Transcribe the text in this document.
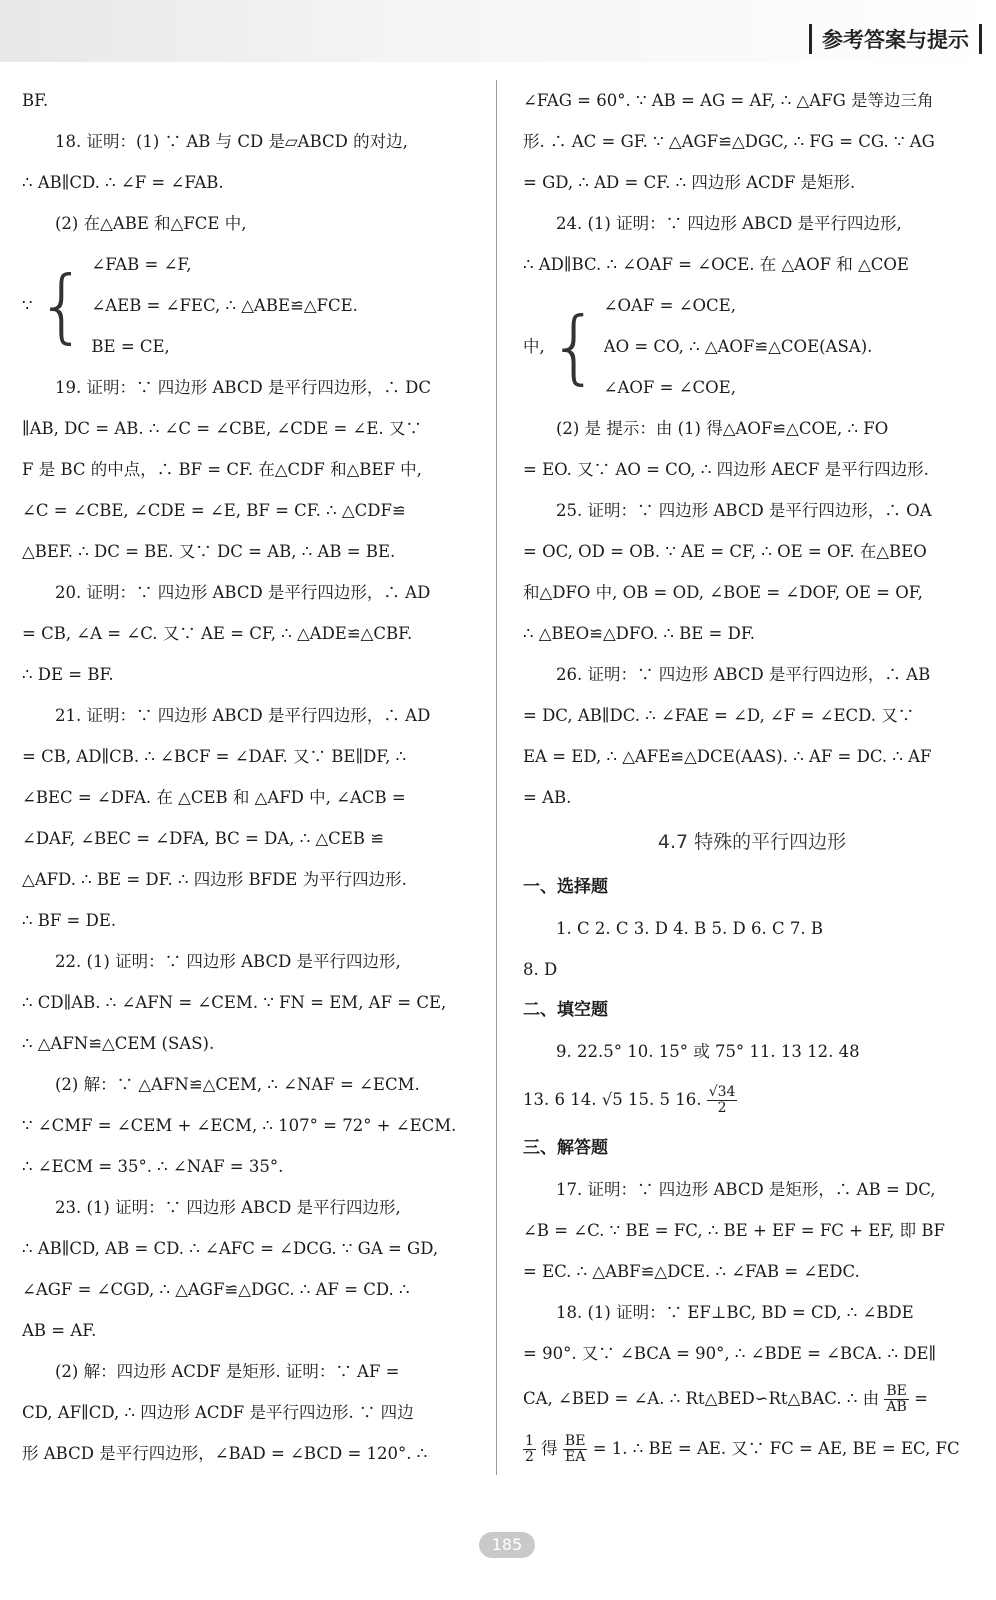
参考答案与提示
BF.
18. 证明：(1) ∵ AB 与 CD 是▱ABCD 的对边,
∴ AB∥CD. ∴ ∠F = ∠FAB.
(2) 在△ABE 和△FCE 中,
∵ { ∠FAB = ∠F,
∠AEB = ∠FEC, ∴ △ABE≌△FCE.
BE = CE,
19. 证明：∵ 四边形 ABCD 是平行四边形，∴ DC
∥AB, DC = AB. ∴ ∠C = ∠CBE, ∠CDE = ∠E. 又∵
F 是 BC 的中点，∴ BF = CF. 在△CDF 和△BEF 中,
∠C = ∠CBE, ∠CDE = ∠E, BF = CF. ∴ △CDF≌
△BEF. ∴ DC = BE. 又∵ DC = AB, ∴ AB = BE.
20. 证明：∵ 四边形 ABCD 是平行四边形，∴ AD
= CB, ∠A = ∠C. 又∵ AE = CF, ∴ △ADE≌△CBF.
∴ DE = BF.
21. 证明：∵ 四边形 ABCD 是平行四边形，∴ AD
= CB, AD∥CB. ∴ ∠BCF = ∠DAF. 又∵ BE∥DF, ∴
∠BEC = ∠DFA. 在 △CEB 和 △AFD 中, ∠ACB =
∠DAF, ∠BEC = ∠DFA, BC = DA, ∴ △CEB ≌
△AFD. ∴ BE = DF. ∴ 四边形 BFDE 为平行四边形.
∴ BF = DE.
22. (1) 证明：∵ 四边形 ABCD 是平行四边形,
∴ CD∥AB. ∴ ∠AFN = ∠CEM. ∵ FN = EM, AF = CE,
∴ △AFN≌△CEM (SAS).
(2) 解：∵ △AFN≌△CEM, ∴ ∠NAF = ∠ECM.
∵ ∠CMF = ∠CEM + ∠ECM, ∴ 107° = 72° + ∠ECM.
∴ ∠ECM = 35°. ∴ ∠NAF = 35°.
23. (1) 证明：∵ 四边形 ABCD 是平行四边形,
∴ AB∥CD, AB = CD. ∴ ∠AFC = ∠DCG. ∵ GA = GD,
∠AGF = ∠CGD, ∴ △AGF≌△DGC. ∴ AF = CD. ∴
AB = AF.
(2) 解：四边形 ACDF 是矩形. 证明：∵ AF =
CD, AF∥CD, ∴ 四边形 ACDF 是平行四边形. ∵ 四边
形 ABCD 是平行四边形，∠BAD = ∠BCD = 120°. ∴
∠FAG = 60°. ∵ AB = AG = AF, ∴ △AFG 是等边三角
形. ∴ AC = GF. ∵ △AGF≌△DGC, ∴ FG = CG. ∵ AG
= GD, ∴ AD = CF. ∴ 四边形 ACDF 是矩形.
24. (1) 证明：∵ 四边形 ABCD 是平行四边形,
∴ AD∥BC. ∴ ∠OAF = ∠OCE. 在 △AOF 和 △COE
中, { ∠OAF = ∠OCE,
AO = CO, ∴ △AOF≌△COE(ASA).
∠AOF = ∠COE,
(2) 是 提示：由 (1) 得△AOF≌△COE, ∴ FO
= EO. 又∵ AO = CO, ∴ 四边形 AECF 是平行四边形.
25. 证明：∵ 四边形 ABCD 是平行四边形，∴ OA
= OC, OD = OB. ∵ AE = CF, ∴ OE = OF. 在△BEO
和△DFO 中, OB = OD, ∠BOE = ∠DOF, OE = OF,
∴ △BEO≌△DFO. ∴ BE = DF.
26. 证明：∵ 四边形 ABCD 是平行四边形，∴ AB
= DC, AB∥DC. ∴ ∠FAE = ∠D, ∠F = ∠ECD. 又∵
EA = ED, ∴ △AFE≌△DCE(AAS). ∴ AF = DC. ∴ AF
= AB.
4.7 特殊的平行四边形
一、选择题
1. C 2. C 3. D 4. B 5. D 6. C 7. B
8. D
二、填空题
9. 22.5° 10. 15° 或 75° 11. 13 12. 48
13. 6 14. √5 15. 5 16. $\frac{√34}{2}$
三、解答题
17. 证明：∵ 四边形 ABCD 是矩形，∴ AB = DC,
∠B = ∠C. ∵ BE = FC, ∴ BE + EF = FC + EF, 即 BF
= EC. ∴ △ABF≌△DCE. ∴ ∠FAB = ∠EDC.
18. (1) 证明：∵ EF⊥BC, BD = CD, ∴ ∠BDE
= 90°. 又∵ ∠BCA = 90°, ∴ ∠BDE = ∠BCA. ∴ DE∥
CA, ∠BED = ∠A. ∴ Rt△BED∽Rt△BAC. ∴ 由 $\frac{BE}{AB}$ =
$\frac{1}{2}$ 得 $\frac{BE}{EA} = 1$. ∴ BE = AE. 又∵ FC = AE, BE = EC, FC
185
